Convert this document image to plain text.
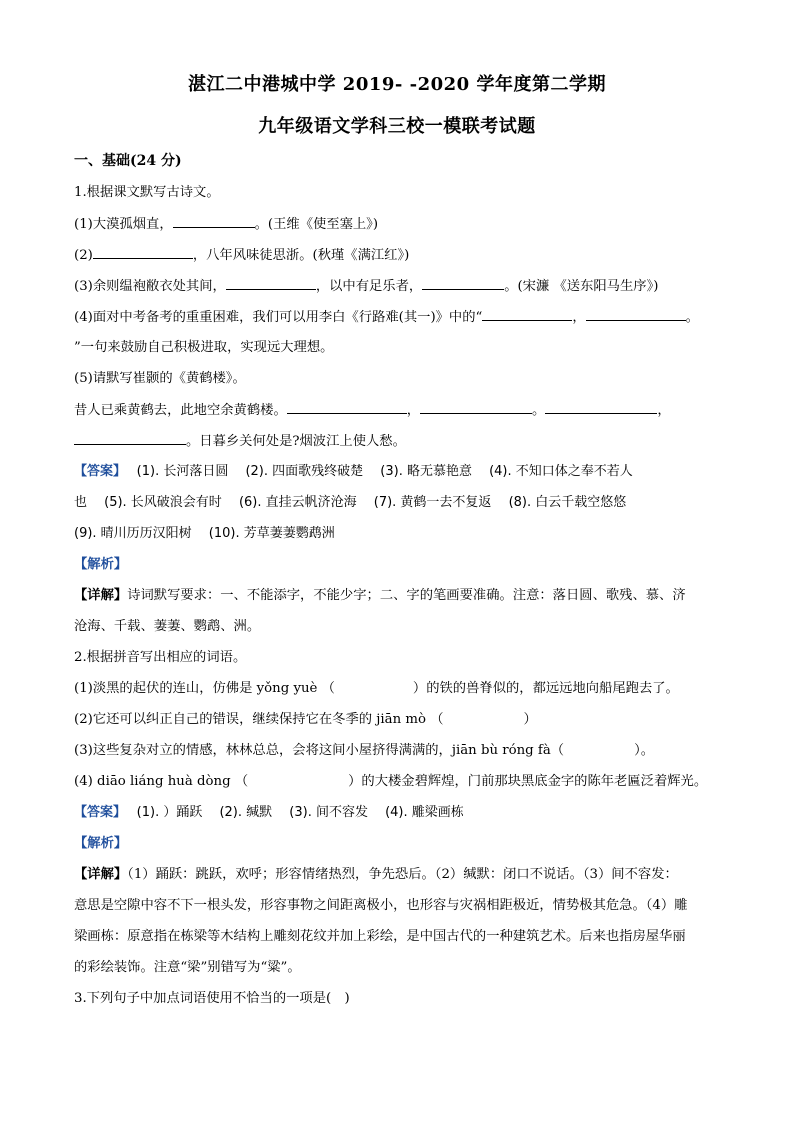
湛江二中港城中学 2019- -2020 学年度第二学期
九年级语文学科三校一模联考试题
一、基础(24 分)
1.根据课文默写古诗文。
(1)大漠孤烟直，	。(王维《使至塞上》)
(2)	，八年风味徒思浙。(秋瑾《满江红》)
(3)余则缊袍敝衣处其间，	，以中有足乐者，	。(宋濂 《送东阳马生序》)
(4)面对中考备考的重重困难，我们可以用李白《行路难(其一)》中的“	，	。
”一句来鼓励自己积极进取，实现远大理想。
(5)请默写崔颢的《黄鹤楼》。
昔人已乘黄鹤去，此地空余黄鹤楼。	，	。	，
。日暮乡关何处是?烟波江上使人愁。
【答案】　 (1). 长河落日圆　 (2). 四面歌残终破楚　 (3). 略无慕艳意　 (4). 不知口体之奉不若人
也　 (5). 长风破浪会有时　 (6). 直挂云帆济沧海　 (7). 黄鹤一去不复返　 (8). 白云千载空悠悠
(9). 晴川历历汉阳树　 (10). 芳草萋萋鹦鹉洲
【解析】
【详解】诗词默写要求：一、不能添字，不能少字；二、字的笔画要准确。注意：落日圆、歌残、慕、济
沧海、千载、萋萋、鹦鹉、洲。
2.根据拼音写出相应的词语。
(1)淡黑的起伏的连山，仿佛是 yǒng yuè （	）的铁的兽脊似的，都远远地向船尾跑去了。
(2)它还可以纠正自己的错误，继续保持它在冬季的 jiān mò （	）
(3)这些复杂对立的情感，林林总总，会将这间小屋挤得满满的，jiān bù róng fà（	）。
(4) diāo liáng huà dòng （	）的大楼金碧辉煌，门前那块黑底金字的陈年老匾泛着辉光。
【答案】　 (1). ）踊跃　 (2). 缄默　 (3). 间不容发　 (4). 雕梁画栋
【解析】
【详解】（1）踊跃：跳跃，欢呼；形容情绪热烈，争先恐后。（2）缄默：闭口不说话。（3）间不容发：
意思是空隙中容不下一根头发，形容事物之间距离极小，也形容与灾祸相距极近，情势极其危急。（4）雕
梁画栋：原意指在栋梁等木结构上雕刻花纹并加上彩绘，是中国古代的一种建筑艺术。后来也指房屋华丽
的彩绘装饰。注意“梁”别错写为“粱”。
3.下列句子中加点词语使用不恰当的一项是(　)
